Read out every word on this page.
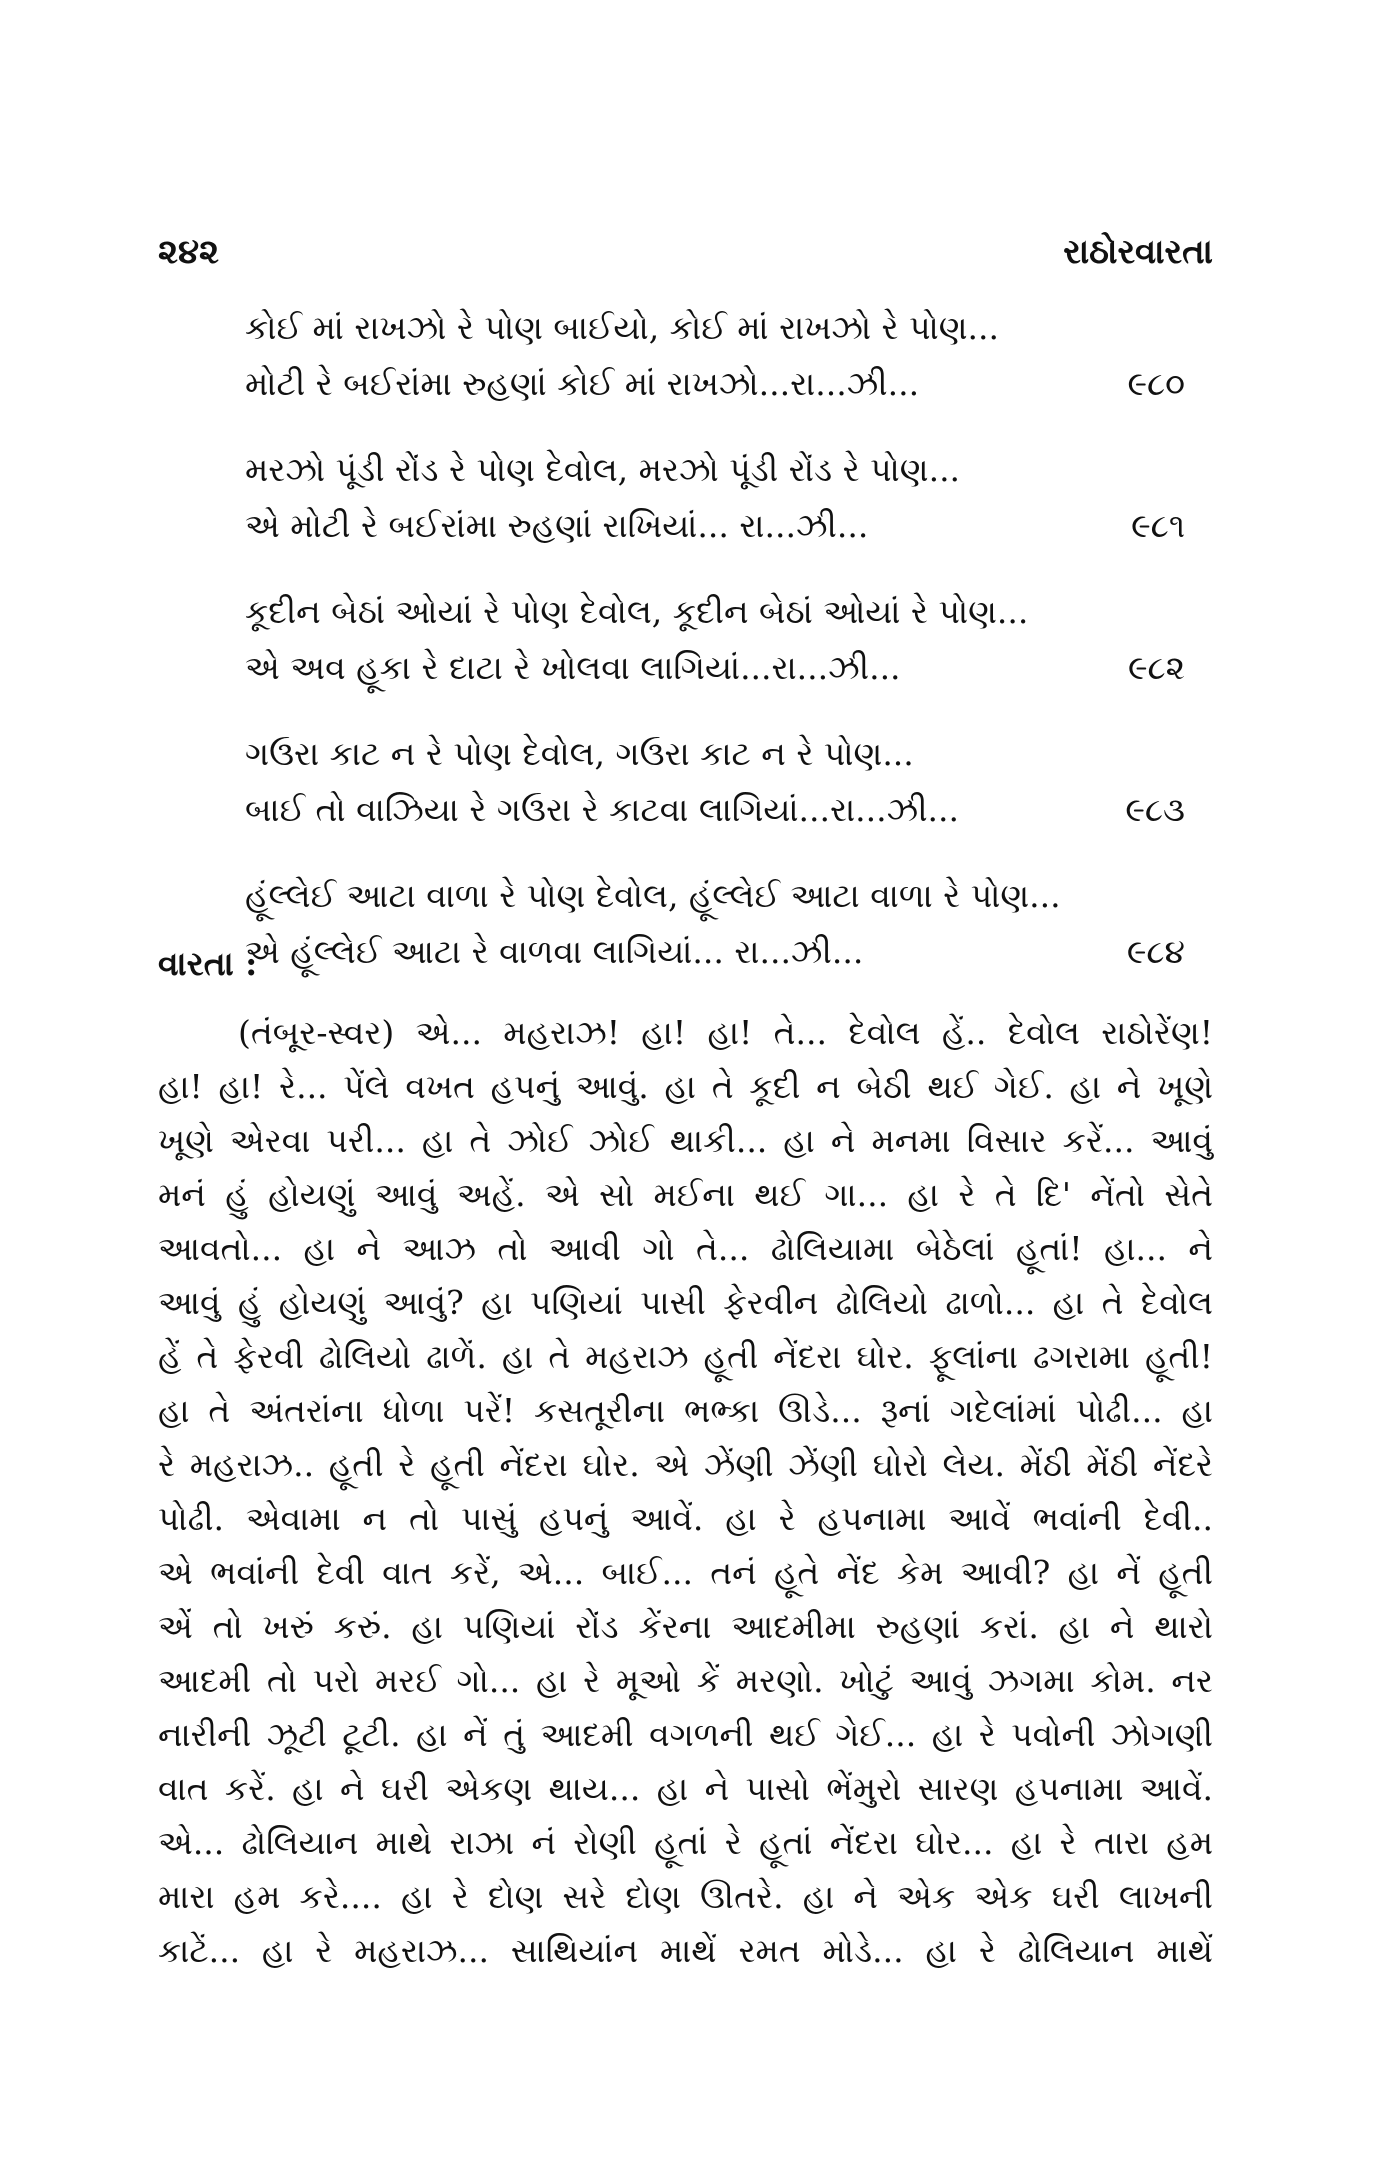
૨૪૨	રાઠોરવારતા
કોઈ માં રાખઝો રે પોણ બાઈયો, કોઈ માં રાખઝો રે પોણ...
મોટી રે બઈરાંમા રુહણાં કોઈ માં રાખઝો...રા...ઝી...	૯૮૦
મરઝો પૂંડી રોંડ રે પોણ દેવોલ, મરઝો પૂંડી રોંડ રે પોણ...
એ મોટી રે બઈરાંમા રુહણાં રાખિયાં... રા...ઝી...	૯૮૧
કૂદીન બેઠાં ઓયાં રે પોણ દેવોલ, કૂદીન બેઠાં ઓયાં રે પોણ...
એ અવ હૂકા રે દાટા રે ખોલવા લાગિયાં...રા...ઝી...	૯૮૨
ગઉરા કાટ ન રે પોણ દેવોલ, ગઉરા કાટ ન રે પોણ...
બાઈ તો વાઝિયા રે ગઉરા રે કાટવા લાગિયાં...રા...ઝી...	૯૮૩
હૂંલ્લેઈ આટા વાળા રે પોણ દેવોલ, હૂંલ્લેઈ આટા વાળા રે પોણ...
એ હૂંલ્લેઈ આટા રે વાળવા લાગિયાં... રા...ઝી...	૯૮૪
વારતા :
(તંબૂર-સ્વર) એ... મહરાઝ! હા! હા! તે... દેવોલ હેં.. દેવોલ રાઠોરેંણ!
હા! હા! રે... પેંલે વખત હપનું આવું. હા તે કૂદી ન બેઠી થઈ ગેઈ. હા ને ખૂણે
ખૂણે એરવા પરી... હા તે ઝોઈ ઝોઈ થાકી... હા ને મનમા વિસાર કરેં... આવું
મનં હું હોયણું આવું અહેં. એ સો મઈના થઈ ગા... હા રે તે દિ' નેંતો સેતે
આવતો... હા ને આઝ તો આવી ગો તે... ઢોલિયામા બેઠેલાં હૂતાં! હા... ને
આવું હું હોયણું આવું? હા પણિયાં પાસી ફેરવીન ઢોલિયો ઢાળો... હા તે દેવોલ
હેં તે ફેરવી ઢોલિયો ઢાળેં. હા તે મહરાઝ હૂતી નેંદરા ઘોર. ફૂલાંના ઢગરામા હૂતી!
હા તે અંતરાંના ધોળા પરેં! કસતૂરીના ભભ્કા ઊડે... રૂનાં ગદેલાંમાં પોઢી... હા
રે મહરાઝ.. હૂતી રે હૂતી નેંદરા ઘોર. એ ઝેંણી ઝેંણી ઘોરો લેય. મેંઠી મેંઠી નેંદરે
પોઢી. એવામા ન તો પાસું હપનું આવેં. હા રે હપનામા આવેં ભવાંની દેવી..
એ ભવાંની દેવી વાત કરેં, એ... બાઈ... તનં હૂતે નેંદ કેમ આવી? હા નેં હૂતી
એં તો ખરું કરું. હા પણિયાં રોંડ કેંરના આદમીમા રુહણાં કરાં. હા ને થારો
આદમી તો પરો મરઈ ગો... હા રે મૂઓ કેં મરણો. ખોટું આવું ઝગમા કોમ. નર
નારીની ઝૂટી ટૂટી. હા નેં તું આદમી વગળની થઈ ગેઈ... હા રે પવોની ઝોગણી
વાત કરેં. હા ને ઘરી એકણ થાય... હા ને પાસો ભેંમુરો સારણ હપનામા આવેં.
એ... ઢોલિયાન માથે રાઝા નં રોણી હૂતાં રે હૂતાં નેંદરા ઘોર... હા રે તારા હમ
મારા હમ કરે.... હા રે દોણ સરે દોણ ઊતરે. હા ને એક એક ઘરી લાખની
કાટેં... હા રે મહરાઝ... સાથિયાંન માથેં રમત મોડે... હા રે ઢોલિયાન માથેં
